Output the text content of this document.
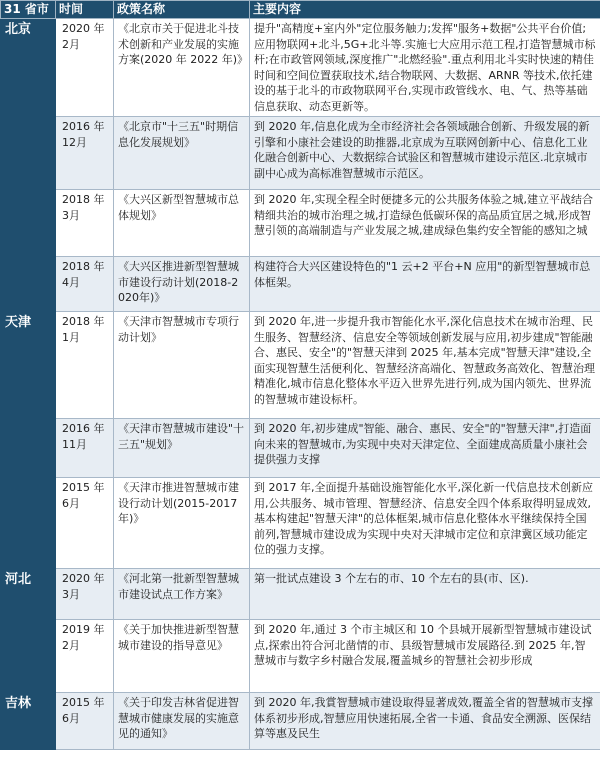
31 省市	时间	政策名称	主要内容
北京	2020 年 2月	《北京市关于促进北斗技术创新和产业发展的实施方案(2020 年 2022 年)》	提升"高精度+室内外"定位服务触力;发挥"服务+数据"公共平台价值;应用物联网+北斗,5G+北斗等.实施七大应用示范工程,打造智慧城市标杆;在市政管网领域,深度推广"北燃经验".重点利用北斗实时快速的精佳时间和空间位置获取技术,结合物联网、大数据、ARNR 等技术,依托建设的基于北斗的市政物联网平台,实现市政管线水、电、气、热等基础信息获取、动态更新等。
	2016 年 12月	《北京市"十三五"时期信息化发展规划》	到 2020 年,信息化成为全市经济社会各领域融合创新、升级发展的新引擎和小康社会建设的助推器,北京成为互联网创新中心、信息化工业化融合创新中心、大数据综合试验区和智慧城市建设示范区.北京城市副中心成为高标准智慧城市示范区。
	2018 年 3月	《大兴区新型智慧城市总体规划》	到 2020 年,实现全程全时便捷多元的公共服务体验之城,建立平战结合精细共治的城市治理之城,打造绿色低碳环保的高品质宜居之城,形成智慧引领的高端制造与产业发展之城,建成绿色集约安全智能的感知之城
	2018 年 4月	《大兴区推进新型智慧城市建设行动计划(2018-2020年)》	构建符合大兴区建设特色的"1 云+2 平台+N 应用"的新型智慧城市总体框架。
天津	2018 年 1月	《天津市智慧城市专项行动计划》	到 2020 年,进一步提升我市智能化水平,深化信息技术在城市治理、民生服务、智慧经济、信息安全等领域创新发展与应用,初步建成"智能融合、惠民、安全"的"智慧天津到 2025 年,基本完成"智慧天津"建设,全面实现智慧生活便利化、智慧经济高端化、智慧政务高效化、智慧治理精准化,城市信息化整体水平迈入世界先进行列,成为国内领先、世界流的智慧城市建设标杆。
	2016 年 11月	《天津市智慧城市建设"十三五"规划》	到 2020 年,初步建成"智能、融合、惠民、安全"的"智慧天津",打造面向未来的智慧城市,为实现中央对天津定位、全面建成高质量小康社会提供强力支撑
	2015 年 6月	《天津市推进智慧城市建设行动计划(2015-2017年)》	到 2017 年,全面提升基础设施智能化水平,深化新一代信息技术创新应用,公共服务、城市管理、智慧经济、信息安全四个体系取得明显成效,基本构建起"智慧天津"的总体框架,城市信息化整体水平继续保持全国前列,智慧城市建设成为实现中央对天津城市定位和京津冀区域功能定位的强力支撑。
河北	2020 年 3月	《河北第一批新型智慧城市建设试点工作方案》	第一批试点建设 3 个左右的市、10 个左右的县(市、区).
	2019 年 2月	《关于加快推进新型智慧城市建设的指导意见》	到 2020 年,通过 3 个市主城区和 10 个县城开展新型智慧城市建设试点,探索出符合河北凿情的市、县级智慧城市发展路径.到 2025 年,智慧城市与数字乡村融合发展,覆盖城乡的智慧社会初步形成
吉林	2015 年 6月	《关于印发吉林省促进智慧城市健康发展的实施意见的通知》	到 2020 年,我賞智慧城市建设取得显著成效,覆盖全省的智慧城市支撑体系初步形成,智慧应用快速拓展,全省一卡通、食品安全溯源、医保结算等惠及民生
